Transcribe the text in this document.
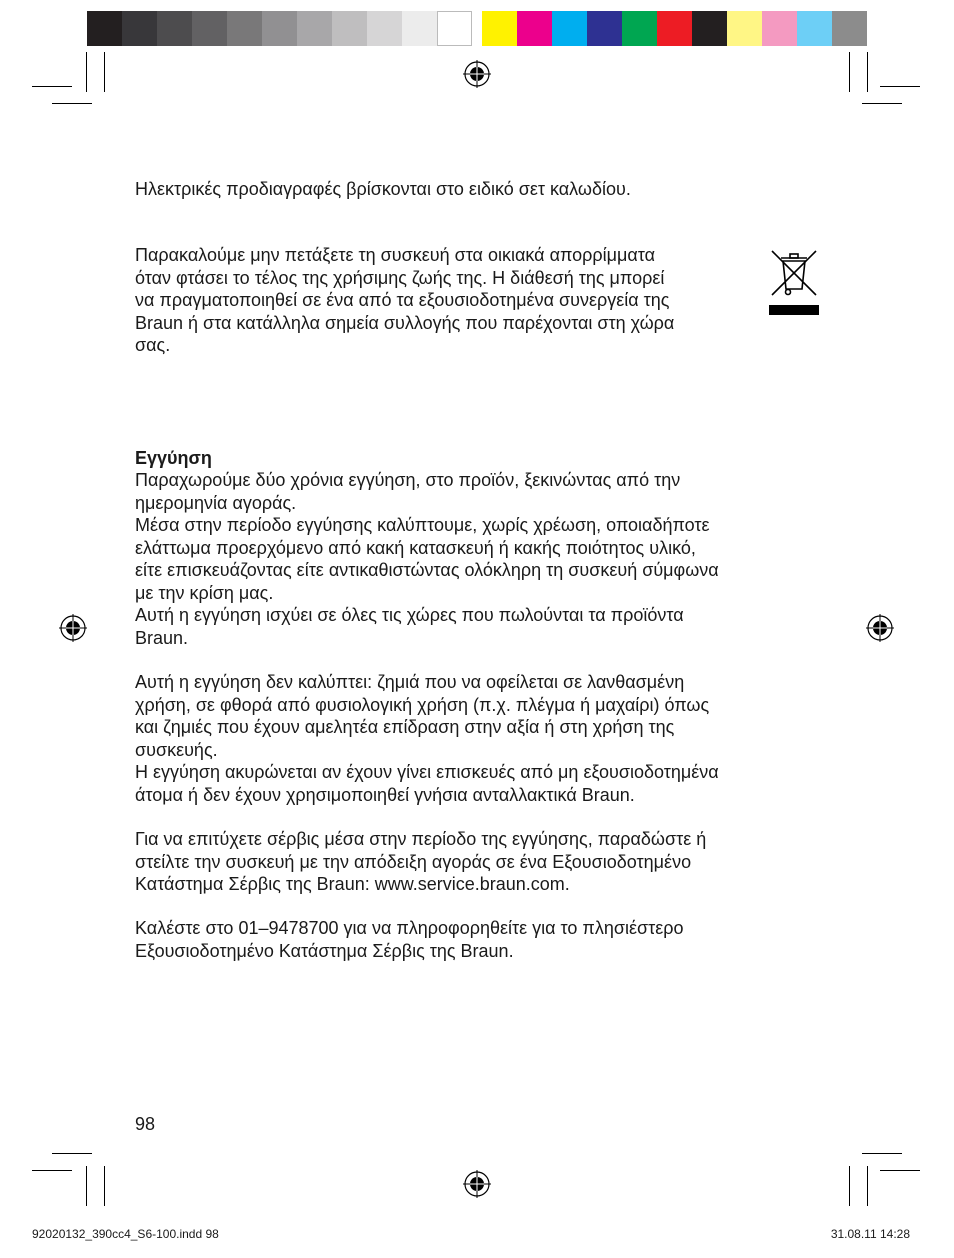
Ηλεκτρικές προδιαγραφές βρίσκονται στο ειδικό σετ καλωδίου.

Παρακαλούμε μην πετάξετε τη συσκευή στα οικιακά απορρίμματα
όταν φτάσει το τέλος της χρήσιμης ζωής της. Η διάθεσή της μπορεί
να πραγματοποιηθεί σε ένα από τα εξουσιοδοτημένα συνεργεία της
Braun ή στα κατάλληλα σημεία συλλογής που παρέχονται στη χώρα
σας.

Εγγύηση

Παραχωρούμε δύο χρόνια εγγύηση, στο προϊόν, ξεκινώντας από την
ημερομηνία αγοράς.
Μέσα στην περίοδο εγγύησης καλύπτουμε, χωρίς χρέωση, οποιαδήποτε
ελάττωμα προερχόμενο από κακή κατασκευή ή κακής ποιότητος υλικό,
είτε επισκευάζοντας είτε αντικαθιστώντας ολόκληρη τη συσκευή σύμφωνα
με την κρίση μας.
Αυτή η εγγύηση ισχύει σε όλες τις χώρες που πωλούνται τα προϊόντα
Braun.

Αυτή η εγγύηση δεν καλύπτει: ζημιά που να οφείλεται σε λανθασμένη
χρήση, σε φθορά από φυσιολογική χρήση (π.χ. πλέγμα ή μαχαίρι) όπως
και ζημιές που έχουν αμελητέα επίδραση στην αξία ή στη χρήση της
συσκευής.
Η εγγύηση ακυρώνεται αν έχουν γίνει επισκευές από μη εξουσιοδοτημένα
άτομα ή δεν έχουν χρησιμοποιηθεί γνήσια ανταλλακτικά Braun.

Για να επιτύχετε σέρβις μέσα στην περίοδο της εγγύησης, παραδώστε ή
στείλτε την συσκευή με την απόδειξη αγοράς σε ένα Εξουσιοδοτημένο
Κατάστημα Σέρβις της Braun: www.service.braun.com.

Καλέστε στο 01–9478700 για να πληροφορηθείτε για το πλησιέστερο
Εξουσιοδοτημένο Κατάστημα Σέρβις της Braun.

98
92020132_390cc4_S6-100.indd 98	31.08.11 14:28
